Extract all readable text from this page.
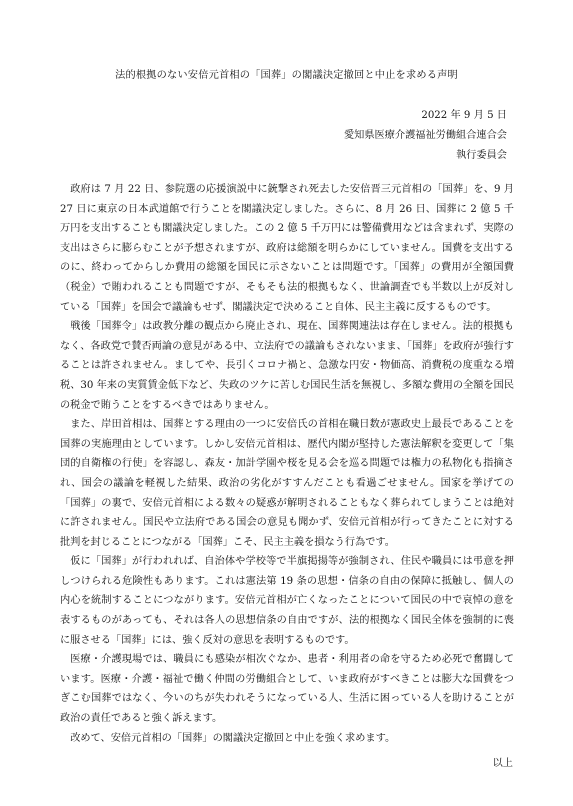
法的根拠のない安倍元首相の「国葬」の閣議決定撤回と中止を求める声明
2022 年 9 月 5 日
愛知県医療介護福祉労働組合連合会
執行委員会

政府は 7 月 22 日、参院選の応援演説中に銃撃され死去した安倍晋三元首相の「国葬」を、9 月 27 日に東京の日本武道館で行うことを閣議決定しました。さらに、8 月 26 日、国葬に 2 億 5 千万円を支出することも閣議決定しました。この 2 億 5 千万円には警備費用などは含まれず、実際の支出はさらに膨らむことが予想されますが、政府は総額を明らかにしていません。国費を支出するのに、終わってからしか費用の総額を国民に示さないことは問題です。「国葬」の費用が全額国費（税金）で賄われることも問題ですが、そもそも法的根拠もなく、世論調査でも半数以上が反対している「国葬」を国会で議論もせず、閣議決定で決めること自体、民主主義に反するものです。

戦後「国葬令」は政教分離の観点から廃止され、現在、国葬関連法は存在しません。法的根拠もなく、各政党で賛否両論の意見がある中、立法府での議論もされないまま、「国葬」を政府が強行することは許されません。ましてや、長引くコロナ禍と、急激な円安・物価高、消費税の度重なる増税、30 年来の実質賃金低下など、失政のツケに苦しむ国民生活を無視し、多額な費用の全額を国民の税金で賄うことをするべきではありません。

また、岸田首相は、国葬とする理由の一つに安倍氏の首相在職日数が憲政史上最長であることを国葬の実施理由としています。しかし安倍元首相は、歴代内閣が堅持した憲法解釈を変更して「集団的自衛権の行使」を容認し、森友・加計学園や桜を見る会を巡る問題では権力の私物化も指摘され、国会の議論を軽視した結果、政治の劣化がすすんだことも看過ごせません。国家を挙げての「国葬」の裏で、安倍元首相による数々の疑惑が解明されることもなく葬られてしまうことは絶対に許されません。国民や立法府である国会の意見も聞かず、安倍元首相が行ってきたことに対する批判を封じることにつながる「国葬」こそ、民主主義を損なう行為です。

仮に「国葬」が行われれば、自治体や学校等で半旗掲揚等が強制され、住民や職員には弔意を押しつけられる危険性もあります。これは憲法第 19 条の思想・信条の自由の保障に抵触し、個人の内心を統制することにつながります。安倍元首相が亡くなったことについて国民の中で哀悼の意を表するものがあっても、それは各人の思想信条の自由ですが、法的根拠なく国民全体を強制的に喪に服させる「国葬」には、強く反対の意思を表明するものです。

医療・介護現場では、職員にも感染が相次ぐなか、患者・利用者の命を守るため必死で奮闘しています。医療・介護・福祉で働く仲間の労働組合として、いま政府がすべきことは膨大な国費をつぎこむ国葬ではなく、今いのちが失われそうになっている人、生活に困っている人を助けることが政治の責任であると強く訴えます。

改めて、安倍元首相の「国葬」の閣議決定撤回と中止を強く求めます。

以上
